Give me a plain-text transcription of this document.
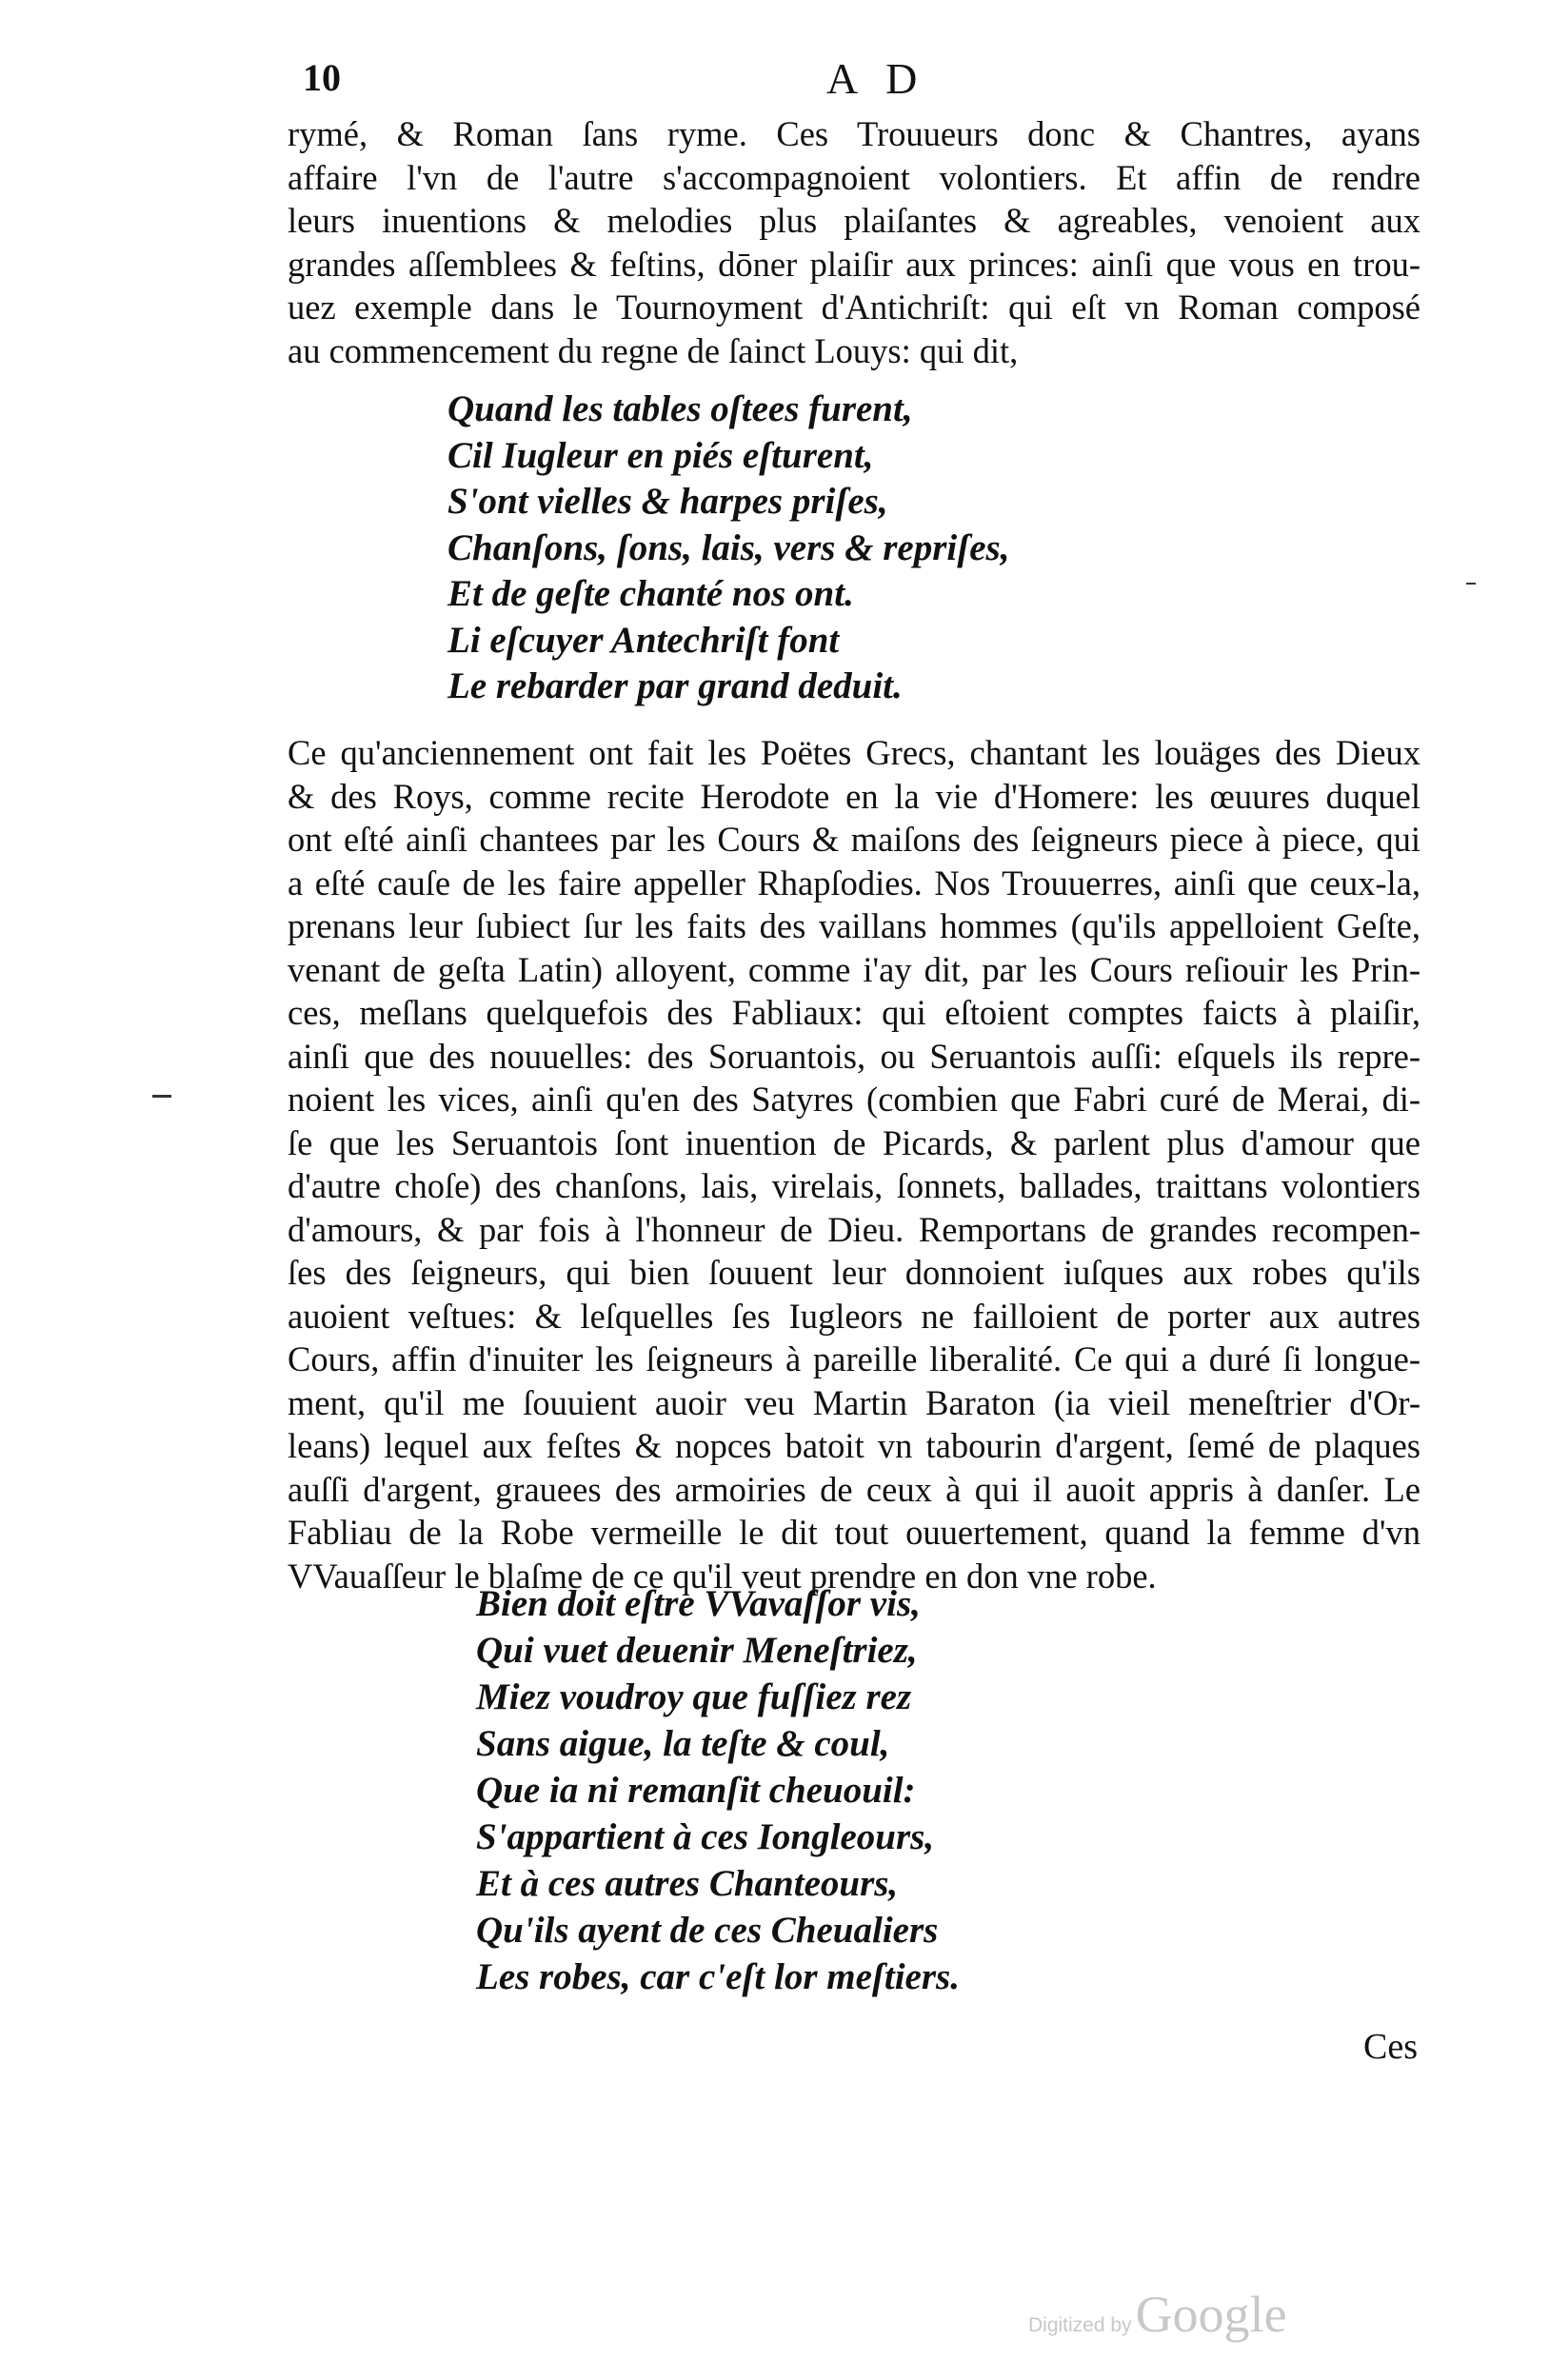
10	A D
rymé, & Roman ſans ryme. Ces Trouueurs donc & Chantres, ayans
affaire l'vn de l'autre s'accompagnoient volontiers. Et affin de rendre
leurs inuentions & melodies plus plaiſantes & agreables, venoient aux
grandes aſſemblees & feſtins, dōner plaiſir aux princes: ainſi que vous en trou-
uez exemple dans le Tournoyment d'Antichriſt: qui eſt vn Roman composé
au commencement du regne de ſainct Louys: qui dit,
Quand les tables oſtees furent,
Cil Iugleur en piés eſturent,
S'ont vielles & harpes priſes,
Chanſons, ſons, lais, vers & repriſes,
Et de geſte chanté nos ont.
Li eſcuyer Antechriſt font
Le rebarder par grand deduit.
Ce qu'anciennement ont fait les Poëtes Grecs, chantant les louäges des Dieux
& des Roys, comme recite Herodote en la vie d'Homere: les œuures duquel
ont eſté ainſi chantees par les Cours & maiſons des ſeigneurs piece à piece, qui
a eſté cauſe de les faire appeller Rhapſodies. Nos Trouuerres, ainſi que ceux-la,
prenans leur ſubiect ſur les faits des vaillans hommes (qu'ils appelloient Geſte,
venant de geſta Latin) alloyent, comme i'ay dit, par les Cours reſiouir les Prin-
ces, meſlans quelquefois des Fabliaux: qui eſtoient comptes faicts à plaiſir,
ainſi que des nouuelles: des Soruantois, ou Seruantois auſſi: eſquels ils repre-
noient les vices, ainſi qu'en des Satyres (combien que Fabri curé de Merai, di-
ſe que les Seruantois ſont inuention de Picards, & parlent plus d'amour que
d'autre choſe) des chanſons, lais, virelais, ſonnets, ballades, traittans volontiers
d'amours, & par fois à l'honneur de Dieu. Remportans de grandes recompen-
ſes des ſeigneurs, qui bien ſouuent leur donnoient iuſques aux robes qu'ils
auoient veſtues: & leſquelles ſes Iugleors ne failloient de porter aux autres
Cours, affin d'inuiter les ſeigneurs à pareille liberalité. Ce qui a duré ſi longue-
ment, qu'il me ſouuient auoir veu Martin Baraton (ia vieil meneſtrier d'Or-
leans) lequel aux feſtes & nopces batoit vn tabourin d'argent, ſemé de plaques
auſſi d'argent, grauees des armoiries de ceux à qui il auoit appris à danſer. Le
Fabliau de la Robe vermeille le dit tout ouuertement, quand la femme d'vn
VVauaſſeur le blaſme de ce qu'il veut prendre en don vne robe.
Bien doit eſtre VVavaſſor vis,
Qui vuet deuenir Meneſtriez,
Miez voudroy que fuſſiez rez
Sans aigue, la teſte & coul,
Que ia ni remanſit cheuouil:
S'appartient à ces Iongleours,
Et à ces autres Chanteours,
Qu'ils ayent de ces Cheualiers
Les robes, car c'eſt lor meſtiers.
Ces
Digitized byGoogle
